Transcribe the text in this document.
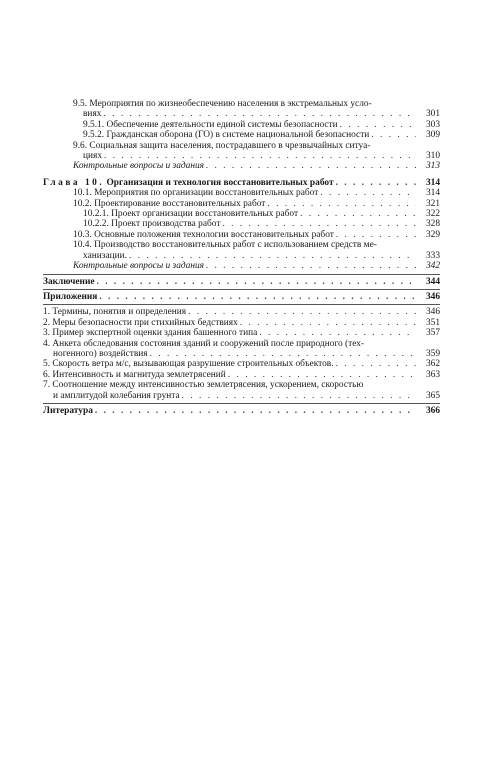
9.5. Мероприятия по жизнеобеспечению населения в экстремальных усло-
виях . . .	301
9.5.1. Обеспечение деятельности единой системы безопасности . . .	303
9.5.2. Гражданская оборона (ГО) в системе национальной безопасности . . .	309
9.6. Социальная защита населения, пострадавшего в чрезвычайных ситуа-
циях . . .	310
Контрольные вопросы и задания . . .	313
Глава 10.
Организация и технология восстановительных работ . . .	314
10.1. Мероприятия по организации восстановительных работ . . .	314
10.2. Проектирование восстановительных работ . . .	321
10.2.1. Проект организации восстановительных работ . . .	322
10.2.2. Проект производства работ . . .	328
10.3. Основные положения технологии восстановительных работ . . .	329
10.4. Производство восстановительных работ с использованием средств ме-
ханизации. . . .	333
Контрольные вопросы и задания . . .	342
Заключение . . .	344
Приложения . . .	346
1. Термины, понятия и определения . . .	346
2. Меры безопасности при стихийных бедствиях . . .	351
3. Пример экспертной оценки здания башенного типа . . .	357
4. Анкета обследования состояния зданий и сооружений после природного (тех-
ногенного) воздействия . . .	359
5. Скорость ветра м/с, вызывающая разрушение строительных объектов. . . .	362
6. Интенсивность и магнитуда землетрясений . . .	363
7. Соотношение между интенсивностью землетрясения, ускорением, скоростью
и амплитудой колебания грунта . . .	365
Литература . . .	366
